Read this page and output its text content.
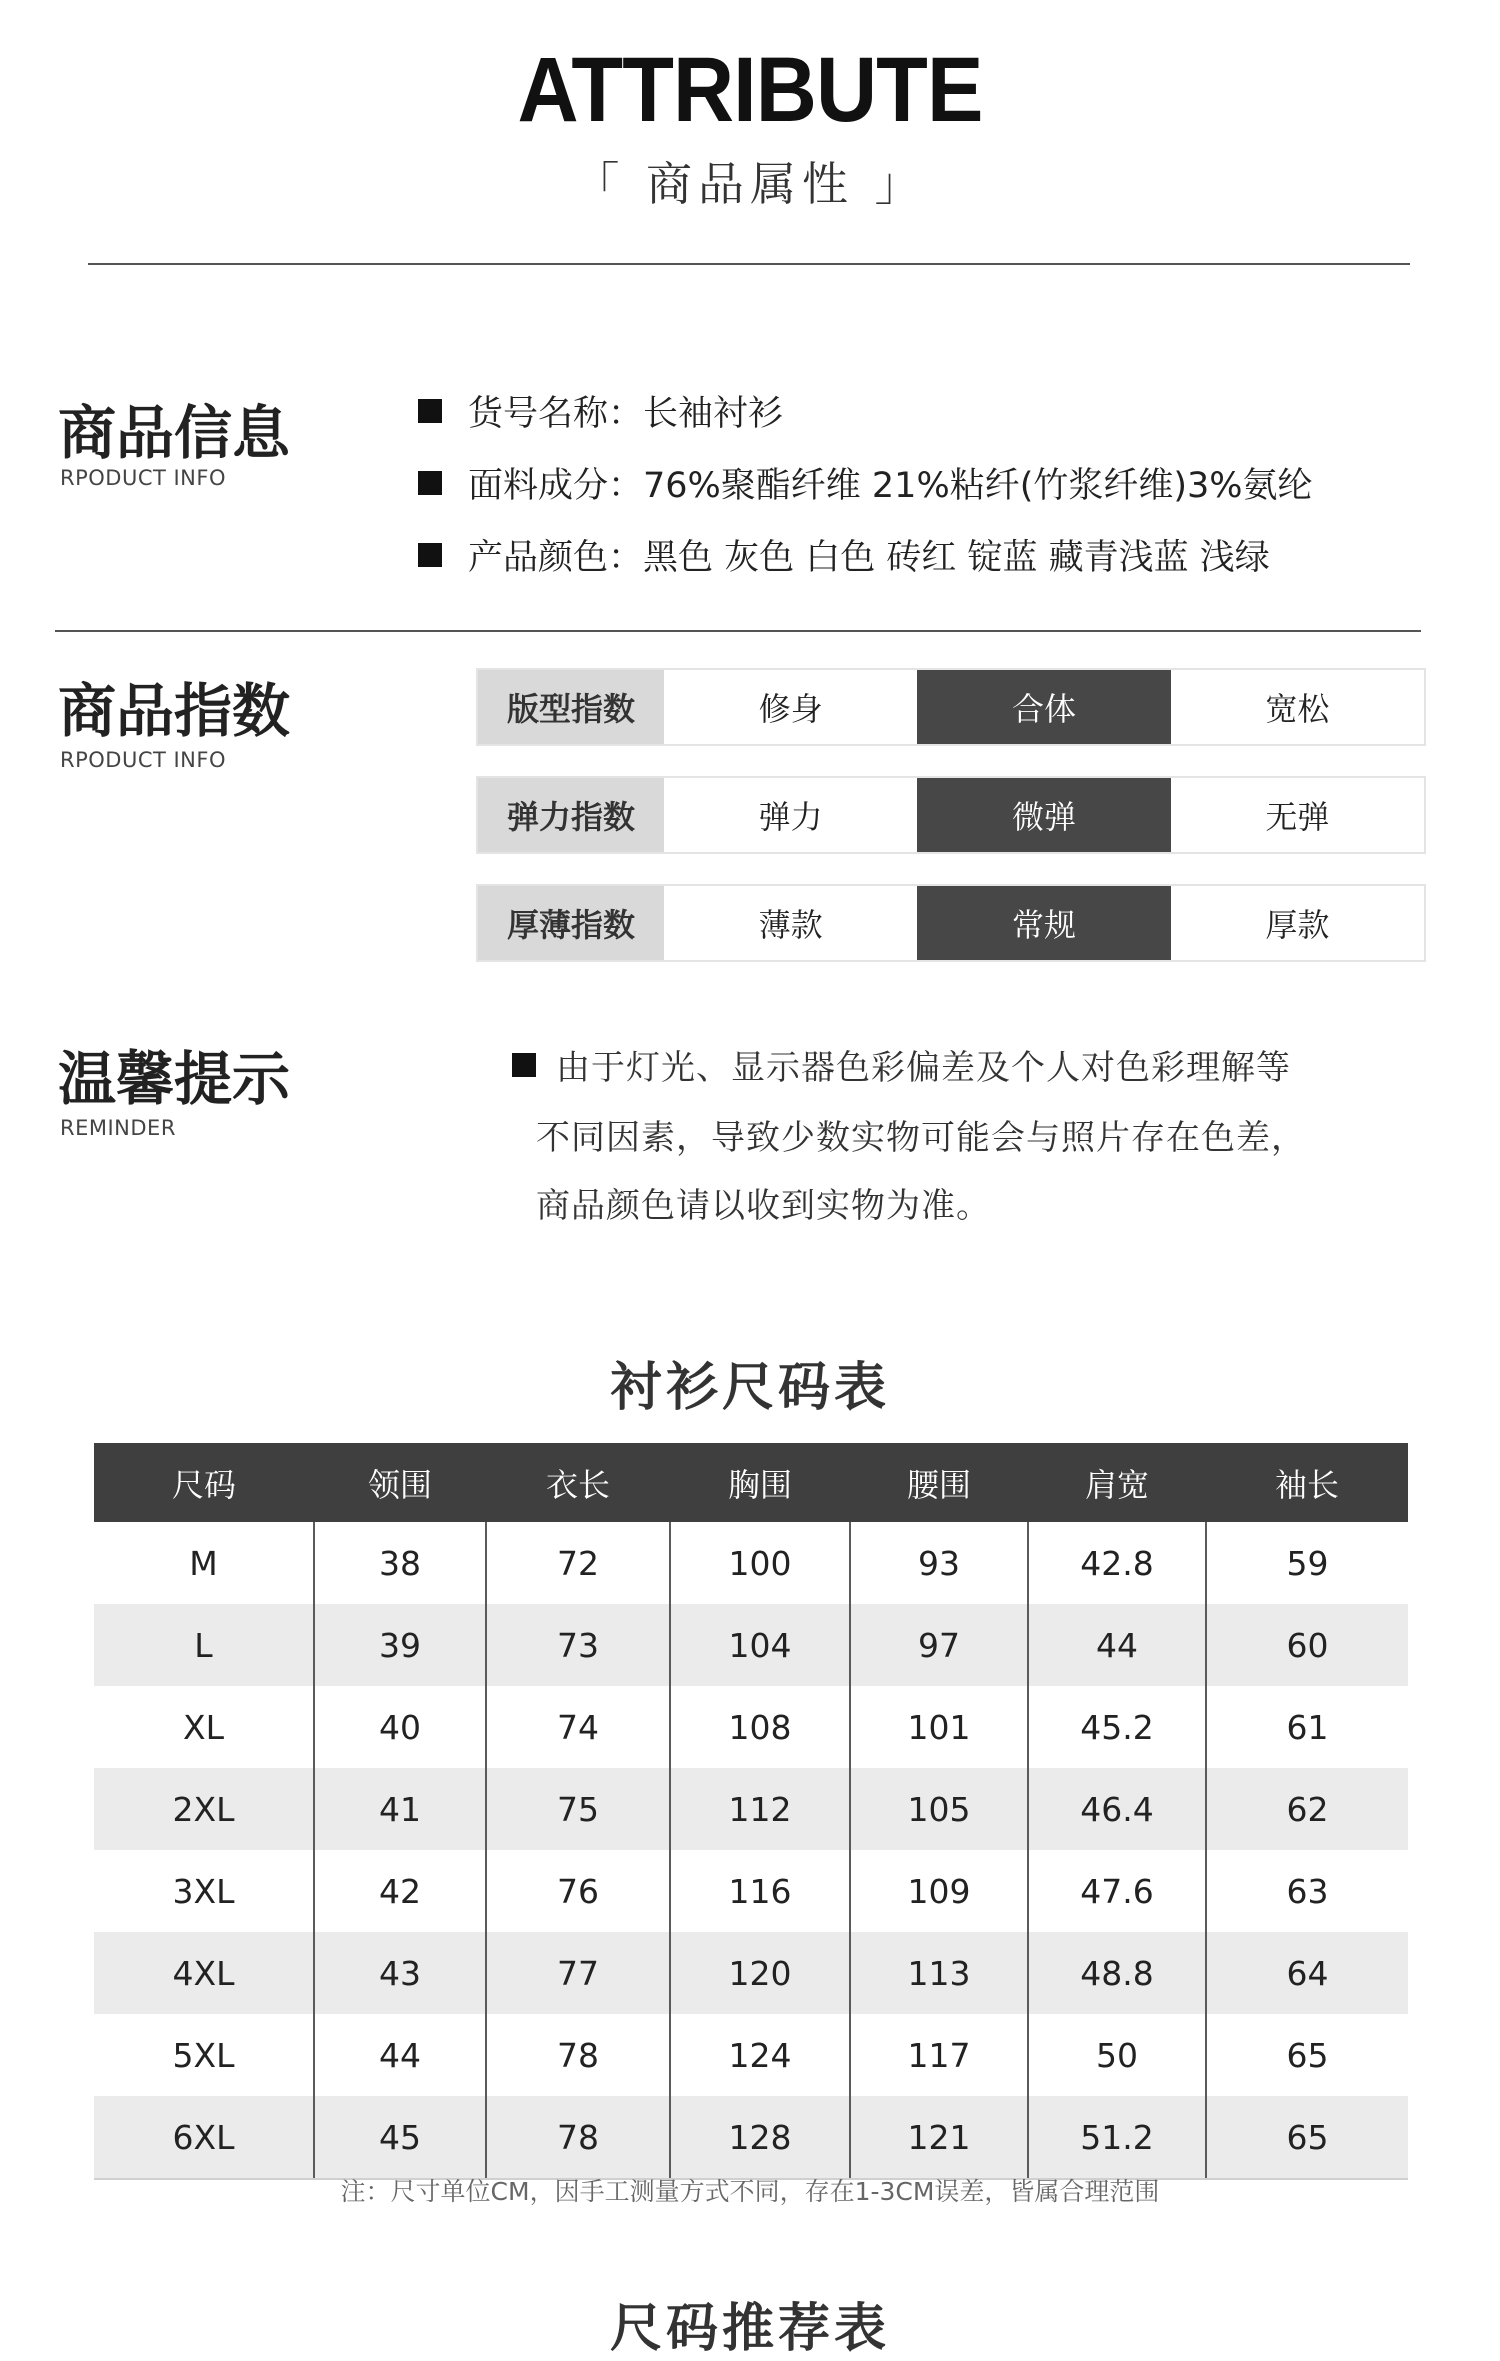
ATTRIBUTE
「 商品属性 」
商品信息
RPODUCT INFO
货号名称：长袖衬衫
面料成分：76%聚酯纤维 21%粘纤(竹浆纤维)3%氨纶
产品颜色：黑色 灰色 白色 砖红 锭蓝 藏青浅蓝 浅绿
商品指数
RPODUCT INFO
版型指数	修身	合体	宽松
弹力指数	弹力	微弹	无弹
厚薄指数	薄款	常规	厚款
温馨提示
REMINDER
由于灯光、显示器色彩偏差及个人对色彩理解等
不同因素，导致少数实物可能会与照片存在色差，
商品颜色请以收到实物为准。
衬衫尺码表
尺码	领围	衣长	胸围	腰围	肩宽	袖长
M	38	72	100	93	42.8	59
L	39	73	104	97	44	60
XL	40	74	108	101	45.2	61
2XL	41	75	112	105	46.4	62
3XL	42	76	116	109	47.6	63
4XL	43	77	120	113	48.8	64
5XL	44	78	124	117	50	65
6XL	45	78	128	121	51.2	65
注：尺寸单位CM，因手工测量方式不同，存在1-3CM误差，皆属合理范围
尺码推荐表
